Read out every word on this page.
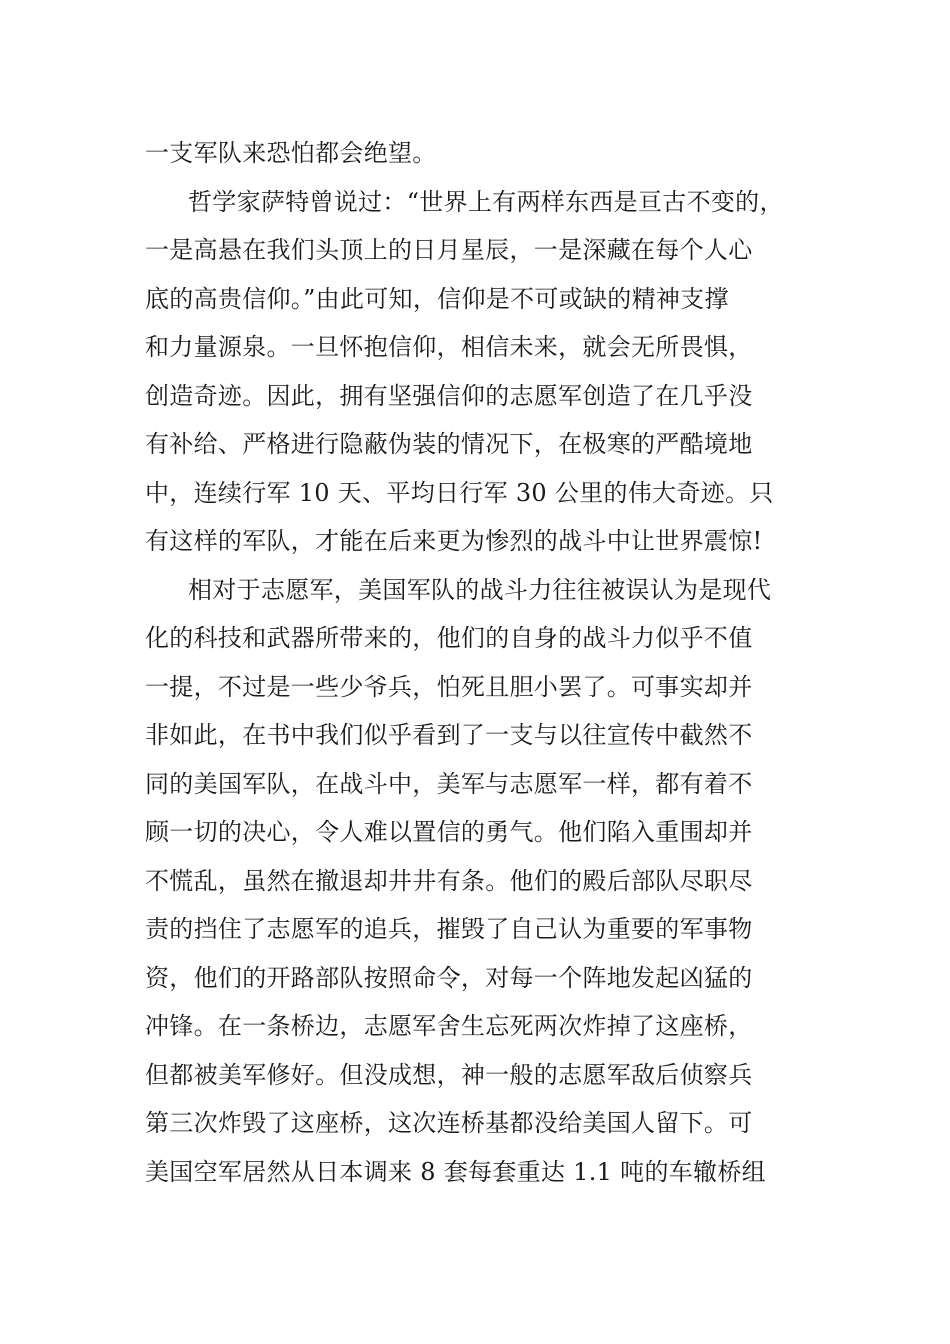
一支军队来恐怕都会绝望。
哲学家萨特曾说过：“世界上有两样东西是亘古不变的，
一是高悬在我们头顶上的日月星辰，一是深藏在每个人心
底的高贵信仰。”由此可知，信仰是不可或缺的精神支撑
和力量源泉。一旦怀抱信仰，相信未来，就会无所畏惧，
创造奇迹。因此，拥有坚强信仰的志愿军创造了在几乎没
有补给、严格进行隐蔽伪装的情况下，在极寒的严酷境地
中，连续行军 10 天、平均日行军 30 公里的伟大奇迹。只
有这样的军队，才能在后来更为惨烈的战斗中让世界震惊!
相对于志愿军，美国军队的战斗力往往被误认为是现代
化的科技和武器所带来的，他们的自身的战斗力似乎不值
一提，不过是一些少爷兵，怕死且胆小罢了。可事实却并
非如此，在书中我们似乎看到了一支与以往宣传中截然不
同的美国军队，在战斗中，美军与志愿军一样，都有着不
顾一切的决心，令人难以置信的勇气。他们陷入重围却并
不慌乱，虽然在撤退却井井有条。他们的殿后部队尽职尽
责的挡住了志愿军的追兵，摧毁了自己认为重要的军事物
资，他们的开路部队按照命令，对每一个阵地发起凶猛的
冲锋。在一条桥边，志愿军舍生忘死两次炸掉了这座桥，
但都被美军修好。但没成想，神一般的志愿军敌后侦察兵
第三次炸毁了这座桥，这次连桥基都没给美国人留下。可
美国空军居然从日本调来 8 套每套重达 1.1 吨的车辙桥组
